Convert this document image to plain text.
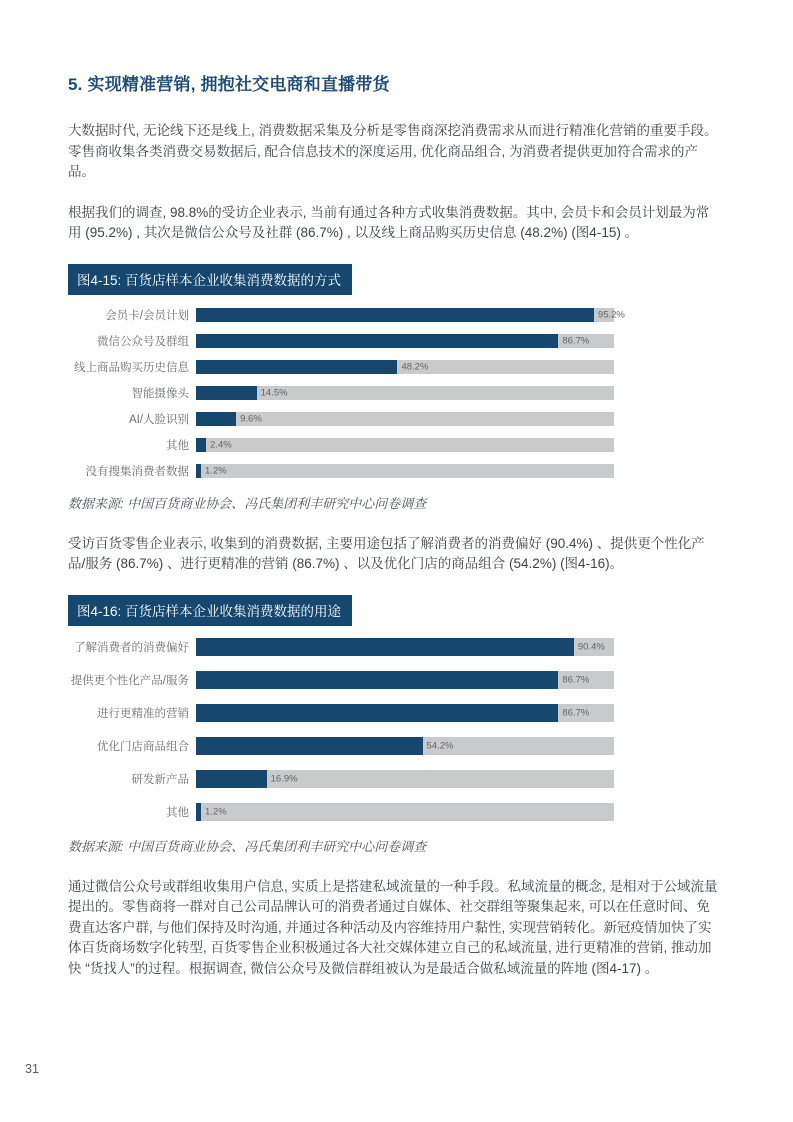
5. 实现精准营销, 拥抱社交电商和直播带货

大数据时代, 无论线下还是线上, 消费数据采集及分析是零售商深挖消费需求从而进行精准化营销的重要手段。零售商收集各类消费交易数据后, 配合信息技术的深度运用, 优化商品组合, 为消费者提供更加符合需求的产品。

根据我们的调查, 98.8%的受访企业表示, 当前有通过各种方式收集消费数据。其中, 会员卡和会员计划最为常用 (95.2%) , 其次是微信公众号及社群 (86.7%) , 以及线上商品购买历史信息 (48.2%) (图4-15) 。

图4-15: 百货店样本企业收集消费数据的方式
会员卡/会员计划	95.2%
微信公众号及群组	86.7%
线上商品购买历史信息	48.2%
智能摄像头	14.5%
AI/人脸识别	9.6%
其他	2.4%
没有搜集消费者数据	1.2%

数据来源: 中国百货商业协会、冯氏集团利丰研究中心问卷调查

受访百货零售企业表示, 收集到的消费数据, 主要用途包括了解消费者的消费偏好 (90.4%) 、提供更个性化产品/服务 (86.7%) 、进行更精准的营销 (86.7%) 、以及优化门店的商品组合 (54.2%) (图4-16)。

图4-16: 百货店样本企业收集消费数据的用途
了解消费者的消费偏好	90.4%
提供更个性化产品/服务	86.7%
进行更精准的营销	86.7%
优化门店商品组合	54.2%
研发新产品	16.9%
其他	1.2%

数据来源: 中国百货商业协会、冯氏集团利丰研究中心问卷调查

通过微信公众号或群组收集用户信息, 实质上是搭建私域流量的一种手段。私域流量的概念, 是相对于公域流量提出的。零售商将一群对自己公司品牌认可的消费者通过自媒体、社交群组等聚集起来, 可以在任意时间、免费直达客户群, 与他们保持及时沟通, 并通过各种活动及内容维持用户黏性, 实现营销转化。新冠疫情加快了实体百货商场数字化转型, 百货零售企业积极通过各大社交媒体建立自己的私域流量, 进行更精准的营销, 推动加快 “货找人”的过程。根据调查, 微信公众号及微信群组被认为是最适合做私域流量的阵地 (图4-17) 。

31
